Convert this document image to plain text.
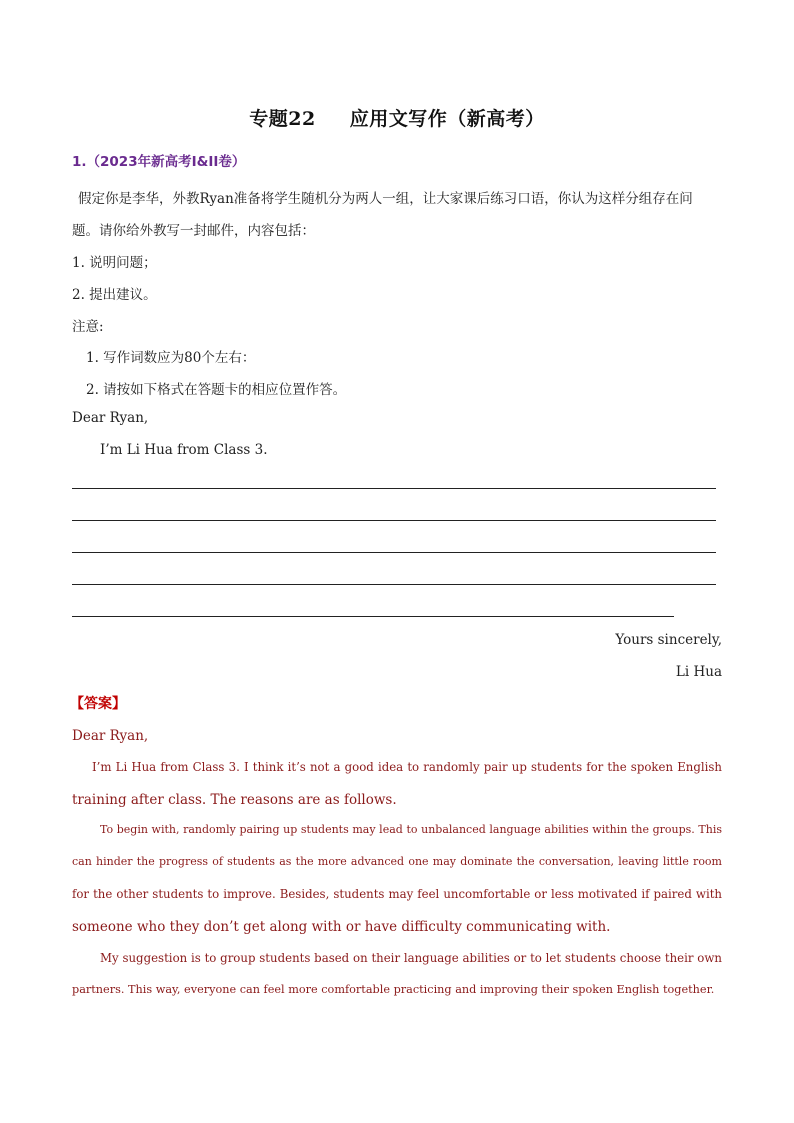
专题22 应用文写作（新高考）
1.（2023年新高考Ⅰ&II卷）
假定你是李华，外教Ryan准备将学生随机分为两人一组，让大家课后练习口语，你认为这样分组存在问
题。请你给外教写一封邮件，内容包括：
1. 说明问题；
2. 提出建议。
注意:
1. 写作词数应为80个左右：
2. 请按如下格式在答题卡的相应位置作答。
Dear Ryan,
I’m Li Hua from Class 3.
Yours sincerely,
Li Hua
【答案】
Dear Ryan,
I’m Li Hua from Class 3. I think it’s not a good idea to randomly pair up students for the spoken English
training after class. The reasons are as follows.
To begin with, randomly pairing up students may lead to unbalanced language abilities within the groups. This
can hinder the progress of students as the more advanced one may dominate the conversation, leaving little room
for the other students to improve. Besides, students may feel uncomfortable or less motivated if paired with
someone who they don’t get along with or have difficulty communicating with.
My suggestion is to group students based on their language abilities or to let students choose their own
partners. This way, everyone can feel more comfortable practicing and improving their spoken English together.
